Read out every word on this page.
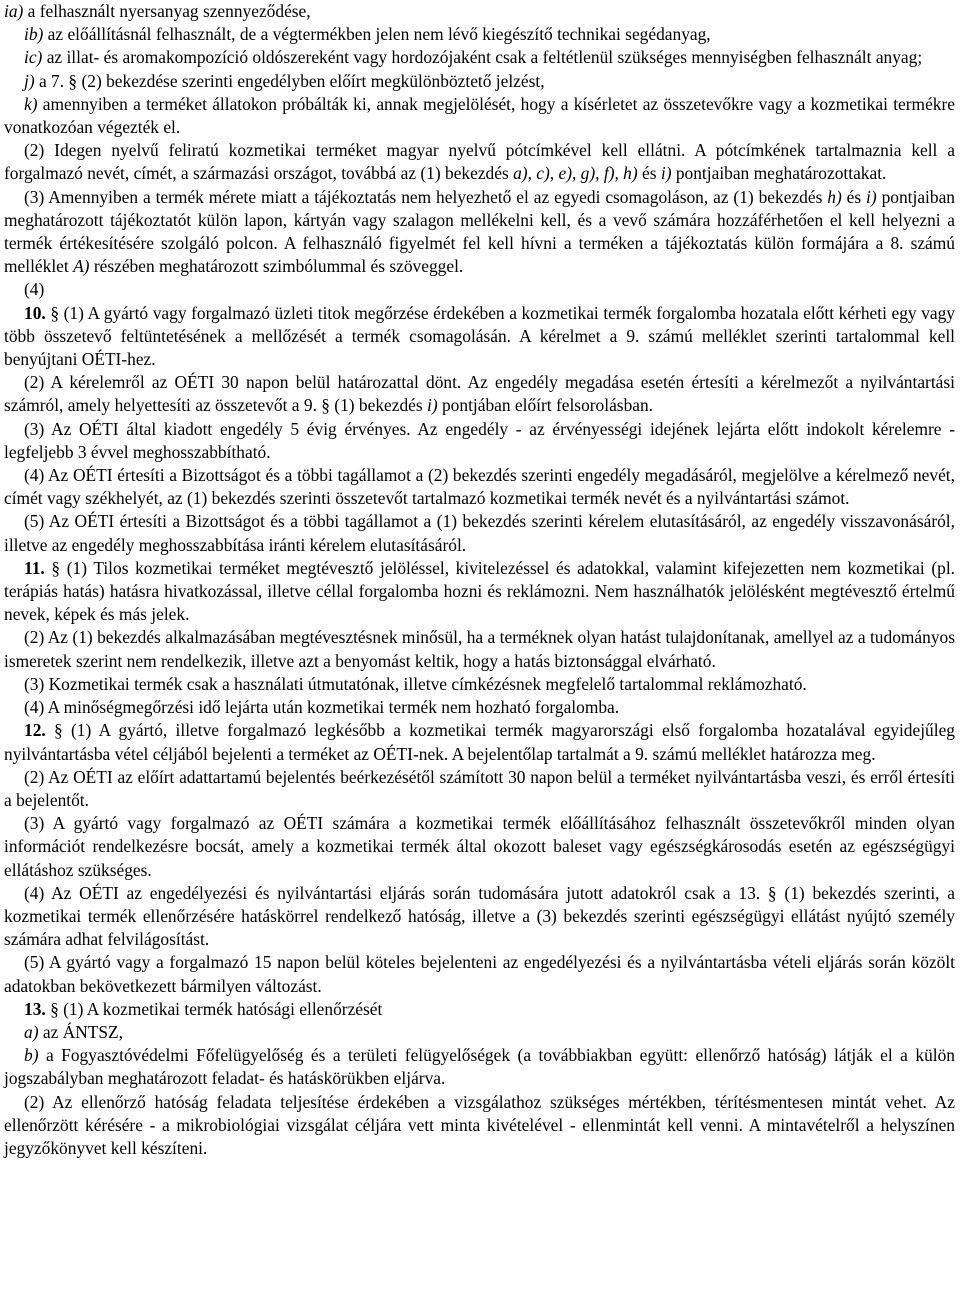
ia) a felhasznált nyersanyag szennyeződése,

ib) az előállításnál felhasznált, de a végtermékben jelen nem lévő kiegészítő technikai segédanyag,

ic) az illat- és aromakompozíció oldószereként vagy hordozójaként csak a feltétlenül szükséges mennyiségben felhasznált anyag;

j) a 7. § (2) bekezdése szerinti engedélyben előírt megkülönböztető jelzést,

k) amennyiben a terméket állatokon próbálták ki, annak megjelölését, hogy a kísérletet az összetevőkre vagy a kozmetikai termékre vonatkozóan végezték el.

(2) Idegen nyelvű feliratú kozmetikai terméket magyar nyelvű pótcímkével kell ellátni. A pótcímkének tartalmaznia kell a forgalmazó nevét, címét, a származási országot, továbbá az (1) bekezdés a), c), e), g), f), h) és i) pontjaiban meghatározottakat.

(3) Amennyiben a termék mérete miatt a tájékoztatás nem helyezhető el az egyedi csomagoláson, az (1) bekezdés h) és i) pontjaiban meghatározott tájékoztatót külön lapon, kártyán vagy szalagon mellékelni kell, és a vevő számára hozzáférhetően el kell helyezni a termék értékesítésére szolgáló polcon. A felhasználó figyelmét fel kell hívni a terméken a tájékoztatás külön formájára a 8. számú melléklet A) részében meghatározott szimbólummal és szöveggel.

(4)

10. § (1) A gyártó vagy forgalmazó üzleti titok megőrzése érdekében a kozmetikai termék forgalomba hozatala előtt kérheti egy vagy több összetevő feltüntetésének a mellőzését a termék csomagolásán. A kérelmet a 9. számú melléklet szerinti tartalommal kell benyújtani OÉTI-hez.

(2) A kérelemről az OÉTI 30 napon belül határozattal dönt. Az engedély megadása esetén értesíti a kérelmezőt a nyilvántartási számról, amely helyettesíti az összetevőt a 9. § (1) bekezdés i) pontjában előírt felsorolásban.

(3) Az OÉTI által kiadott engedély 5 évig érvényes. Az engedély - az érvényességi idejének lejárta előtt indokolt kérelemre - legfeljebb 3 évvel meghosszabbítható.

(4) Az OÉTI értesíti a Bizottságot és a többi tagállamot a (2) bekezdés szerinti engedély megadásáról, megjelölve a kérelmező nevét, címét vagy székhelyét, az (1) bekezdés szerinti összetevőt tartalmazó kozmetikai termék nevét és a nyilvántartási számot.

(5) Az OÉTI értesíti a Bizottságot és a többi tagállamot a (1) bekezdés szerinti kérelem elutasításáról, az engedély visszavonásáról, illetve az engedély meghosszabbítása iránti kérelem elutasításáról.

11. § (1) Tilos kozmetikai terméket megtévesztő jelöléssel, kivitelezéssel és adatokkal, valamint kifejezetten nem kozmetikai (pl. terápiás hatás) hatásra hivatkozással, illetve céllal forgalomba hozni és reklámozni. Nem használhatók jelölésként megtévesztő értelmű nevek, képek és más jelek.

(2) Az (1) bekezdés alkalmazásában megtévesztésnek minősül, ha a terméknek olyan hatást tulajdonítanak, amellyel az a tudományos ismeretek szerint nem rendelkezik, illetve azt a benyomást keltik, hogy a hatás biztonsággal elvárható.

(3) Kozmetikai termék csak a használati útmutatónak, illetve címkézésnek megfelelő tartalommal reklámozható.

(4) A minőségmegőrzési idő lejárta után kozmetikai termék nem hozható forgalomba.

12. § (1) A gyártó, illetve forgalmazó legkésőbb a kozmetikai termék magyarországi első forgalomba hozatalával egyidejűleg nyilvántartásba vétel céljából bejelenti a terméket az OÉTI-nek. A bejelentőlap tartalmát a 9. számú melléklet határozza meg.

(2) Az OÉTI az előírt adattartamú bejelentés beérkezésétől számított 30 napon belül a terméket nyilvántartásba veszi, és erről értesíti a bejelentőt.

(3) A gyártó vagy forgalmazó az OÉTI számára a kozmetikai termék előállításához felhasznált összetevőkről minden olyan információt rendelkezésre bocsát, amely a kozmetikai termék által okozott baleset vagy egészségkárosodás esetén az egészségügyi ellátáshoz szükséges.

(4) Az OÉTI az engedélyezési és nyilvántartási eljárás során tudomására jutott adatokról csak a 13. § (1) bekezdés szerinti, a kozmetikai termék ellenőrzésére hatáskörrel rendelkező hatóság, illetve a (3) bekezdés szerinti egészségügyi ellátást nyújtó személy számára adhat felvilágosítást.

(5) A gyártó vagy a forgalmazó 15 napon belül köteles bejelenteni az engedélyezési és a nyilvántartásba vételi eljárás során közölt adatokban bekövetkezett bármilyen változást.

13. § (1) A kozmetikai termék hatósági ellenőrzését

a) az ÁNTSZ,

b) a Fogyasztóvédelmi Főfelügyelőség és a területi felügyelőségek (a továbbiakban együtt: ellenőrző hatóság) látják el a külön jogszabályban meghatározott feladat- és hatáskörükben eljárva.

(2) Az ellenőrző hatóság feladata teljesítése érdekében a vizsgálathoz szükséges mértékben, térítésmentesen mintát vehet. Az ellenőrzött kérésére - a mikrobiológiai vizsgálat céljára vett minta kivételével - ellenmintát kell venni. A mintavételről a helyszínen jegyzőkönyvet kell készíteni.
